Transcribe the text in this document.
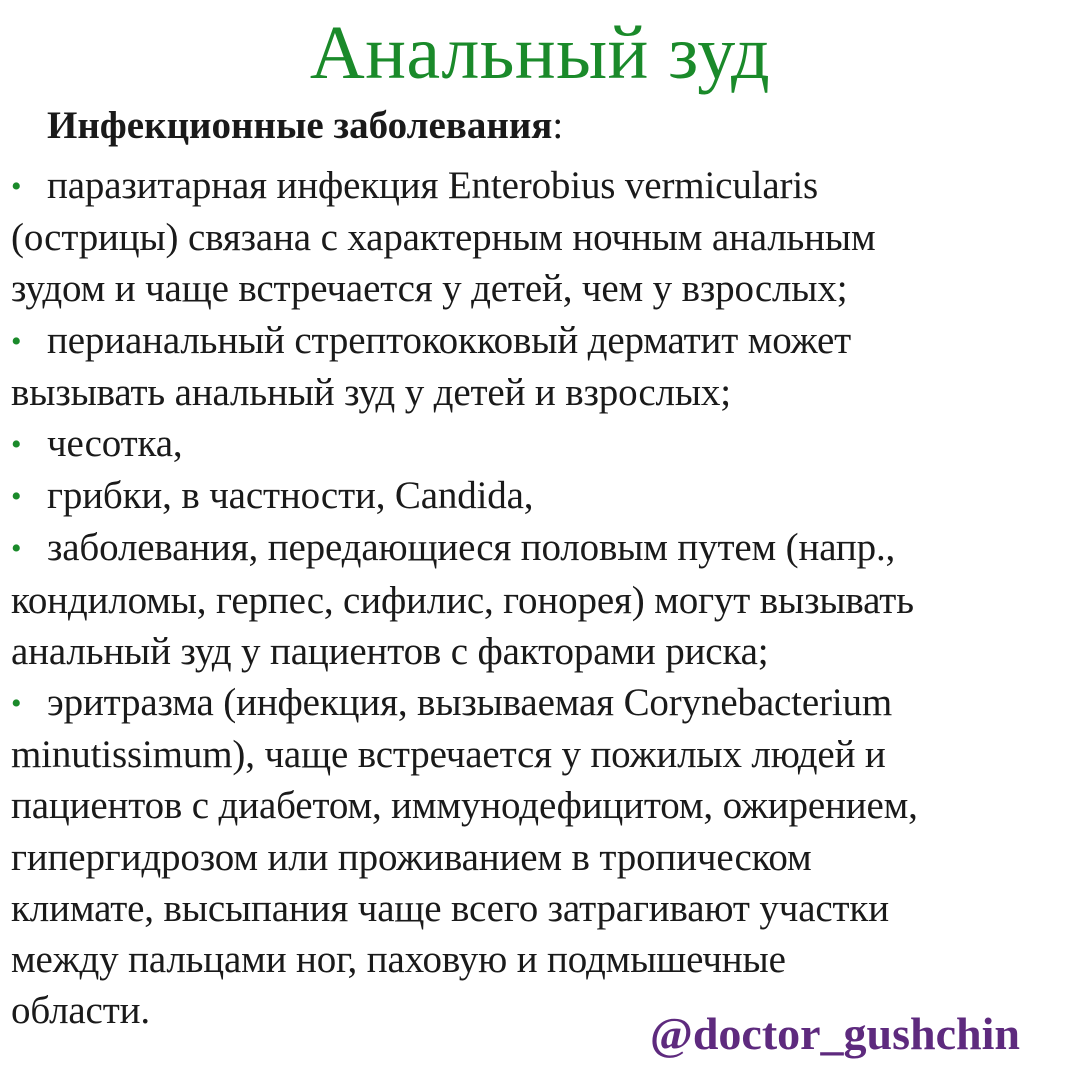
Анальный зуд
Инфекционные заболевания:
• паразитарная инфекция Enterobius vermicularis
(острицы) связана с характерным ночным анальным
зудом и чаще встречается у детей, чем у взрослых;
• перианальный стрептококковый дерматит может
вызывать анальный зуд у детей и взрослых;
• чесотка,
• грибки, в частности, Candida,
• заболевания, передающиеся половым путем (напр.,
кондиломы, герпес, сифилис, гонорея) могут вызывать
анальный зуд у пациентов с факторами риска;
• эритразма (инфекция, вызываемая Corynebacterium
minutissimum), чаще встречается у пожилых людей и
пациентов с диабетом, иммунодефицитом, ожирением,
гипергидрозом или проживанием в тропическом
климате, высыпания чаще всего затрагивают участки
между пальцами ног, паховую и подмышечные
области.	@doctor_gushchin
